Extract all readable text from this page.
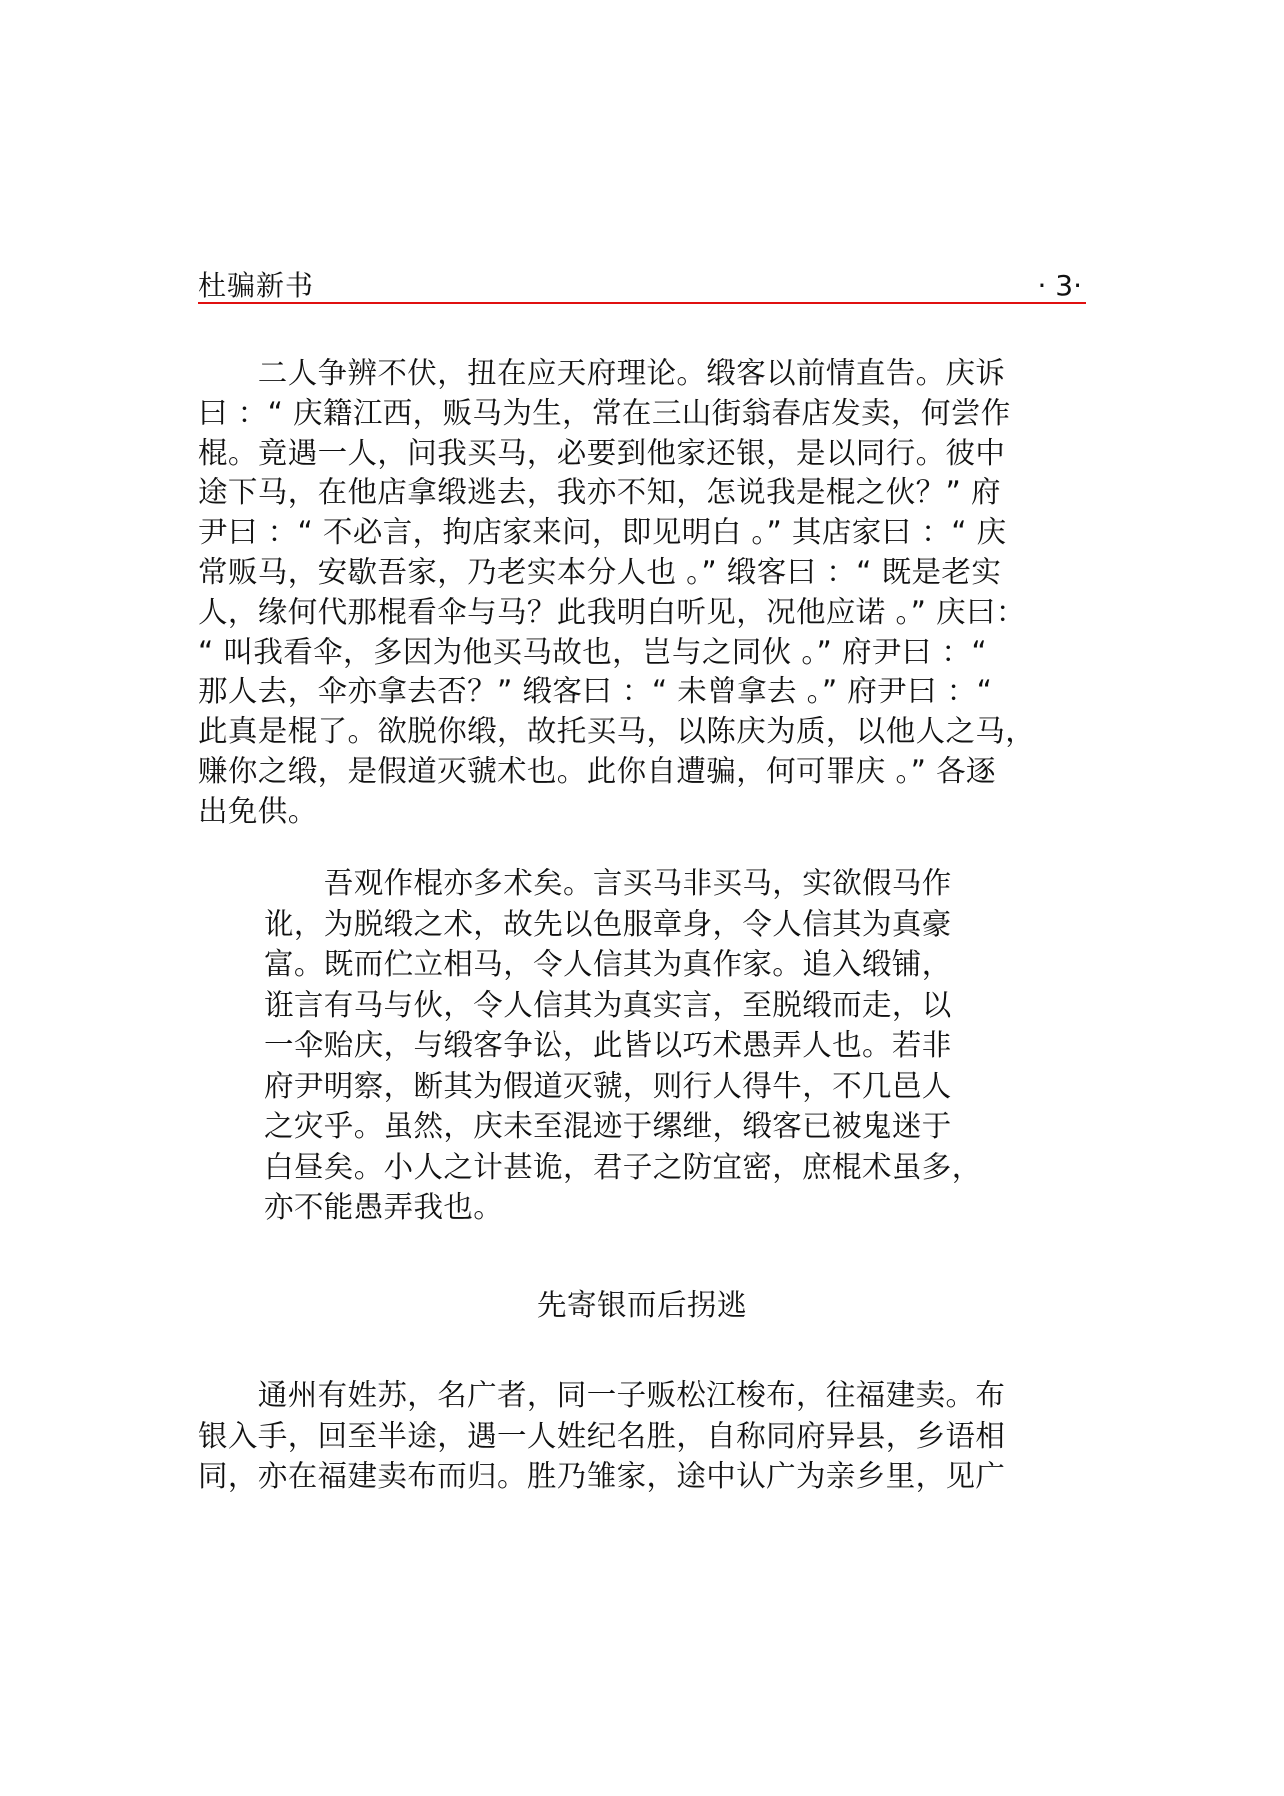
杜骗新书	· 3·
　　二人争辨不伏，扭在应天府理论。缎客以前情直告。庆诉
曰 ：“ 庆籍江西，贩马为生，常在三山街翁春店发卖，何尝作
棍。竟遇一人，问我买马，必要到他家还银，是以同行。彼中
途下马，在他店拿缎逃去，我亦不知，怎说我是棍之伙？” 府
尹曰 ：“ 不必言，拘店家来问，即见明白 。” 其店家曰 ：“ 庆
常贩马，安歇吾家，乃老实本分人也 。” 缎客曰 ：“ 既是老实
人，缘何代那棍看伞与马？此我明白听见，况他应诺 。” 庆曰：
“ 叫我看伞，多因为他买马故也，岂与之同伙 。” 府尹曰 ：“
那人去，伞亦拿去否？” 缎客曰 ：“ 未曾拿去 。” 府尹曰 ：“
此真是棍了。欲脱你缎，故托买马，以陈庆为质，以他人之马，
赚你之缎，是假道灭虢术也。此你自遭骗，何可罪庆 。” 各逐
出免供。
　　吾观作棍亦多术矣。言买马非买马，实欲假马作
讹，为脱缎之术，故先以色服章身，令人信其为真豪
富。既而伫立相马，令人信其为真作家。追入缎铺，
诳言有马与伙，令人信其为真实言，至脱缎而走，以
一伞贻庆，与缎客争讼，此皆以巧术愚弄人也。若非
府尹明察，断其为假道灭虢，则行人得牛，不几邑人
之灾乎。虽然，庆未至混迹于缧绁，缎客已被鬼迷于
白昼矣。小人之计甚诡，君子之防宜密，庶棍术虽多，
亦不能愚弄我也。
先寄银而后拐逃
　　通州有姓苏，名广者，同一子贩松江梭布，往福建卖。布
银入手，回至半途，遇一人姓纪名胜，自称同府异县，乡语相
同，亦在福建卖布而归。胜乃雏家，途中认广为亲乡里，见广
